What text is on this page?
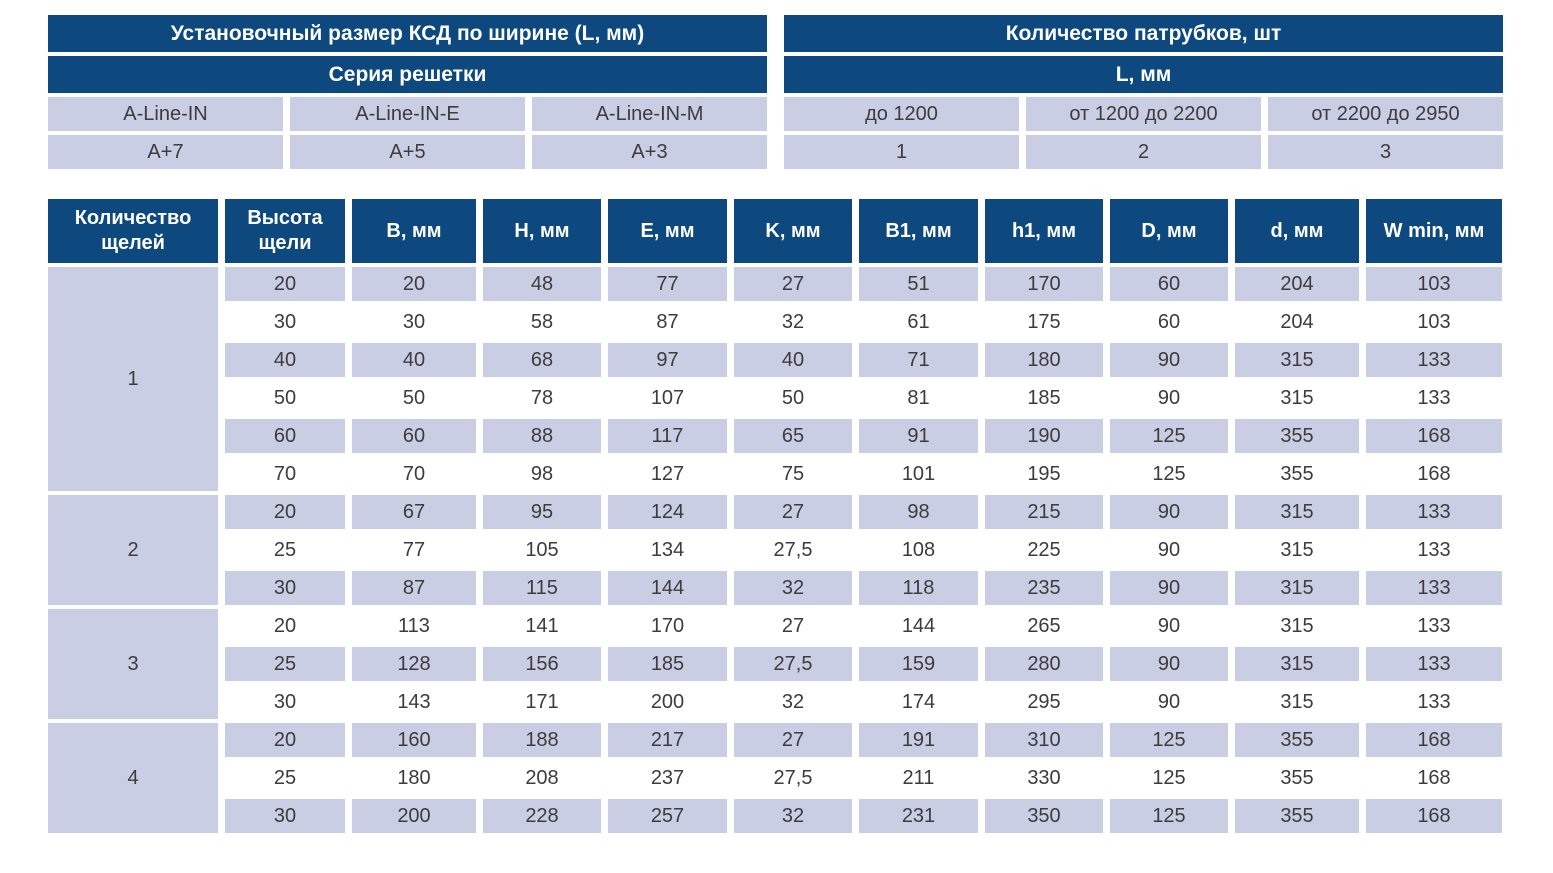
Установочный размер КСД по ширине (L, мм)				Количество патрубков, шт		
Серия решетки				L, мм		
A-Line-IN	A-Line-IN-E	A-Line-IN-M		до 1200	от 1200 до 2200	от 2200 до 2950
A+7	A+5	A+3		1	2	3
Количество щелей	Высота щели	B, мм	H, мм	E, мм	K, мм	B1, мм	h1, мм	D, мм	d, мм	W min, мм
1	20	20	48	77	27	51	170	60	204	103
	30	30	58	87	32	61	175	60	204	103
	40	40	68	97	40	71	180	90	315	133
	50	50	78	107	50	81	185	90	315	133
	60	60	88	117	65	91	190	125	355	168
	70	70	98	127	75	101	195	125	355	168
2	20	67	95	124	27	98	215	90	315	133
	25	77	105	134	27,5	108	225	90	315	133
	30	87	115	144	32	118	235	90	315	133
3	20	113	141	170	27	144	265	90	315	133
	25	128	156	185	27,5	159	280	90	315	133
	30	143	171	200	32	174	295	90	315	133
4	20	160	188	217	27	191	310	125	355	168
	25	180	208	237	27,5	211	330	125	355	168
	30	200	228	257	32	231	350	125	355	168
